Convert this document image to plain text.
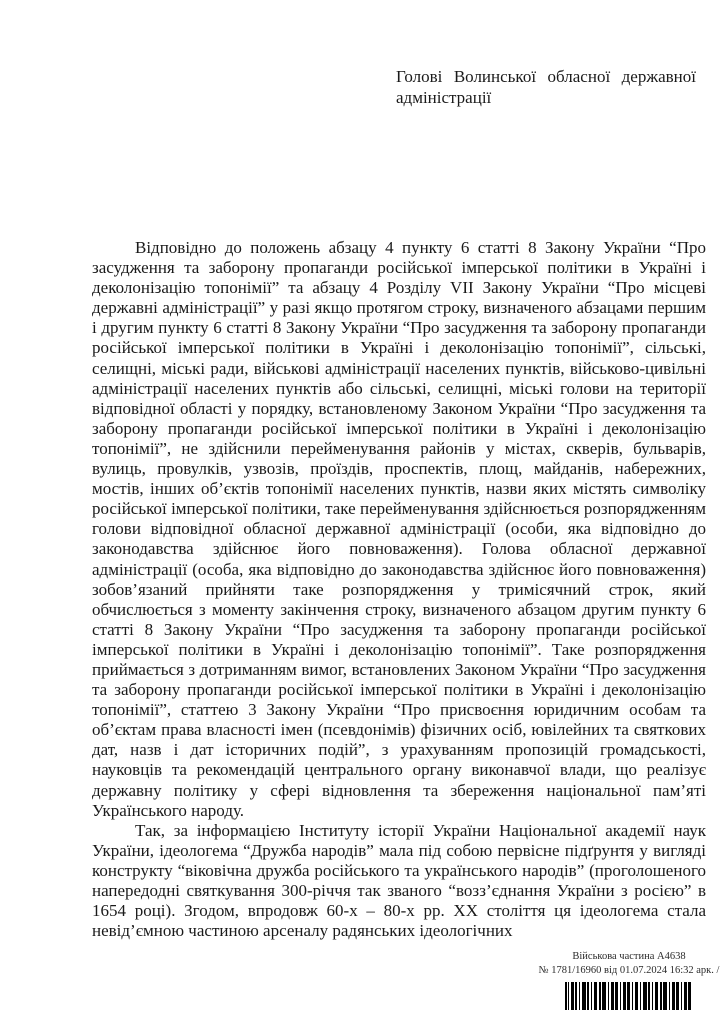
Голові Волинської обласної державної адміністрації

Відповідно до положень абзацу 4 пункту 6 статті 8 Закону України “Про засудження та заборону пропаганди російської імперської політики в Україні і деколонізацію топонімії” та абзацу 4 Розділу VII Закону України “Про місцеві державні адміністрації” у разі якщо протягом строку, визначеного абзацами першим і другим пункту 6 статті 8 Закону України “Про засудження та заборону пропаганди російської імперської політики в Україні і деколонізацію топонімії”, сільські, селищні, міські ради, військові адміністрації населених пунктів, військово-цивільні адміністрації населених пунктів або сільські, селищні, міські голови на території відповідної області у порядку, встановленому Законом України “Про засудження та заборону пропаганди російської імперської політики в Україні і деколонізацію топонімії”, не здійснили перейменування районів у містах, скверів, бульварів, вулиць, провулків, узвозів, проїздів, проспектів, площ, майданів, набережних, мостів, інших об’єктів топонімії населених пунктів, назви яких містять символіку російської імперської політики, таке перейменування здійснюється розпорядженням голови відповідної обласної державної адміністрації (особи, яка відповідно до законодавства здійснює його повноваження). Голова обласної державної адміністрації (особа, яка відповідно до законодавства здійснює його повноваження) зобов’язаний прийняти таке розпорядження у тримісячний строк, який обчислюється з моменту закінчення строку, визначеного абзацом другим пункту 6 статті 8 Закону України “Про засудження та заборону пропаганди російської імперської політики в Україні і деколонізацію топонімії”. Таке розпорядження приймається з дотриманням вимог, встановлених Законом України “Про засудження та заборону пропаганди російської імперської політики в Україні і деколонізацію топонімії”, статтею 3 Закону України “Про присвоєння юридичним особам та об’єктам права власності імен (псевдонімів) фізичних осіб, ювілейних та святкових дат, назв і дат історичних подій”, з урахуванням пропозицій громадськості, науковців та рекомендацій центрального органу виконавчої влади, що реалізує державну політику у сфері відновлення та збереження національної пам’яті Українського народу.

Так, за інформацією Інституту історії України Національної академії наук України, ідеологема “Дружба народів” мала під собою первісне підґрунтя у вигляді конструкту “віковічна дружба російського та українського народів” (проголошеного напередодні святкування 300-річчя так званого “возз’єднання України з росією” в 1654 році). Згодом, впродовж 60-х – 80-х рр. ХХ століття ця ідеологема стала невід’ємною частиною арсеналу радянських ідеологічних

Військова частина А4638
№ 1781/16960 від 01.07.2024 16:32 арк. /
